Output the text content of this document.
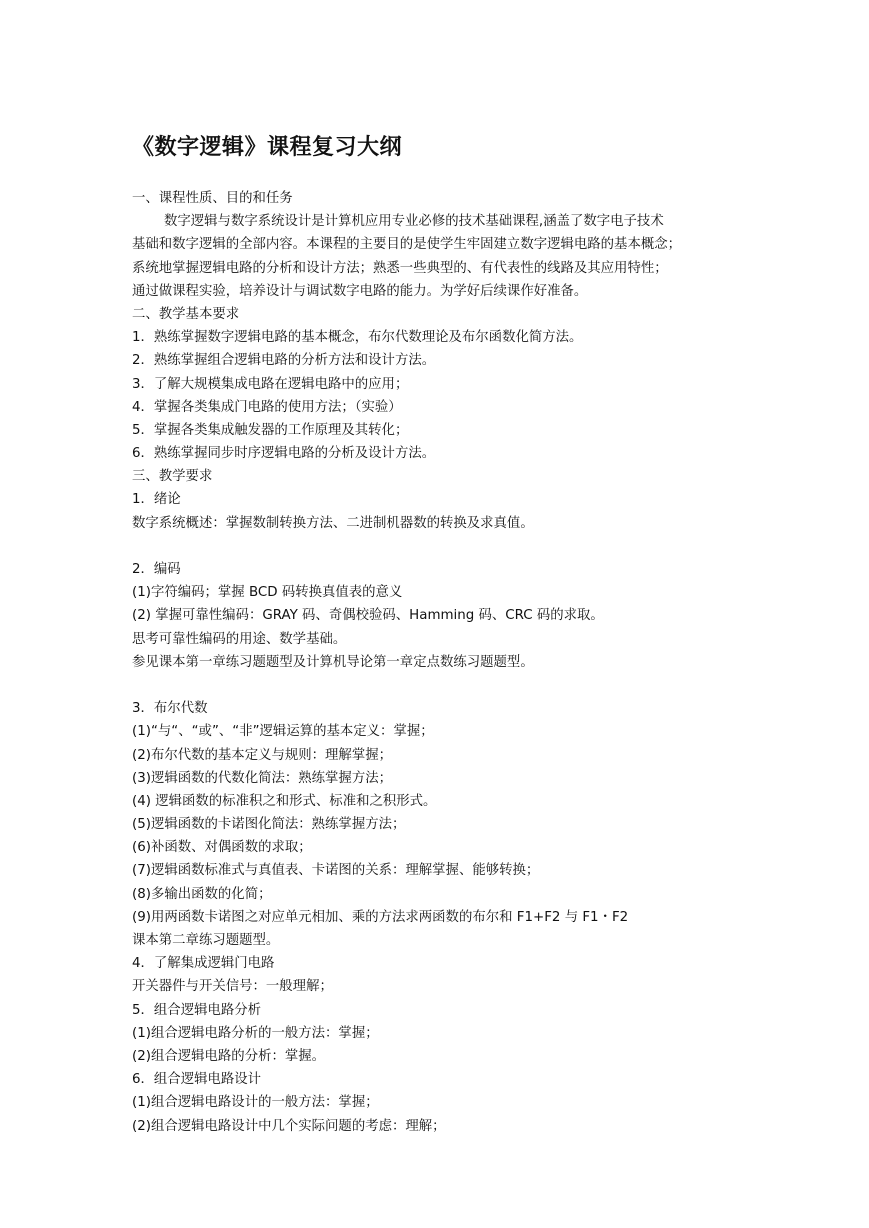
《数字逻辑》课程复习大纲
一、课程性质、目的和任务
数字逻辑与数字系统设计是计算机应用专业必修的技术基础课程,涵盖了数字电子技术
基础和数字逻辑的全部内容。本课程的主要目的是使学生牢固建立数字逻辑电路的基本概念；
系统地掌握逻辑电路的分析和设计方法；熟悉一些典型的、有代表性的线路及其应用特性；
通过做课程实验，培养设计与调试数字电路的能力。为学好后续课作好准备。
二、教学基本要求
1．熟练掌握数字逻辑电路的基本概念，布尔代数理论及布尔函数化简方法。
2．熟练掌握组合逻辑电路的分析方法和设计方法。
3．了解大规模集成电路在逻辑电路中的应用；
4．掌握各类集成门电路的使用方法；（实验）
5．掌握各类集成触发器的工作原理及其转化；
6．熟练掌握同步时序逻辑电路的分析及设计方法。
三、教学要求
1．绪论
数字系统概述：掌握数制转换方法、二进制机器数的转换及求真值。
2．编码
(1)字符编码；掌握 BCD 码转换真值表的意义
(2) 掌握可靠性编码：GRAY 码、奇偶校验码、Hamming 码、CRC 码的求取。
思考可靠性编码的用途、数学基础。
参见课本第一章练习题题型及计算机导论第一章定点数练习题题型。
3．布尔代数
(1)“与“、“或”、“非”逻辑运算的基本定义：掌握；
(2)布尔代数的基本定义与规则：理解掌握；
(3)逻辑函数的代数化简法：熟练掌握方法；
(4) 逻辑函数的标准积之和形式、标准和之积形式。
(5)逻辑函数的卡诺图化简法：熟练掌握方法；
(6)补函数、对偶函数的求取；
(7)逻辑函数标准式与真值表、卡诺图的关系：理解掌握、能够转换；
(8)多输出函数的化简；
(9)用两函数卡诺图之对应单元相加、乘的方法求两函数的布尔和 F1+F2 与 F1・F2
课本第二章练习题题型。
4．了解集成逻辑门电路
开关器件与开关信号：一般理解；
5．组合逻辑电路分析
(1)组合逻辑电路分析的一般方法：掌握；
(2)组合逻辑电路的分析：掌握。
6．组合逻辑电路设计
(1)组合逻辑电路设计的一般方法：掌握；
(2)组合逻辑电路设计中几个实际问题的考虑：理解；
